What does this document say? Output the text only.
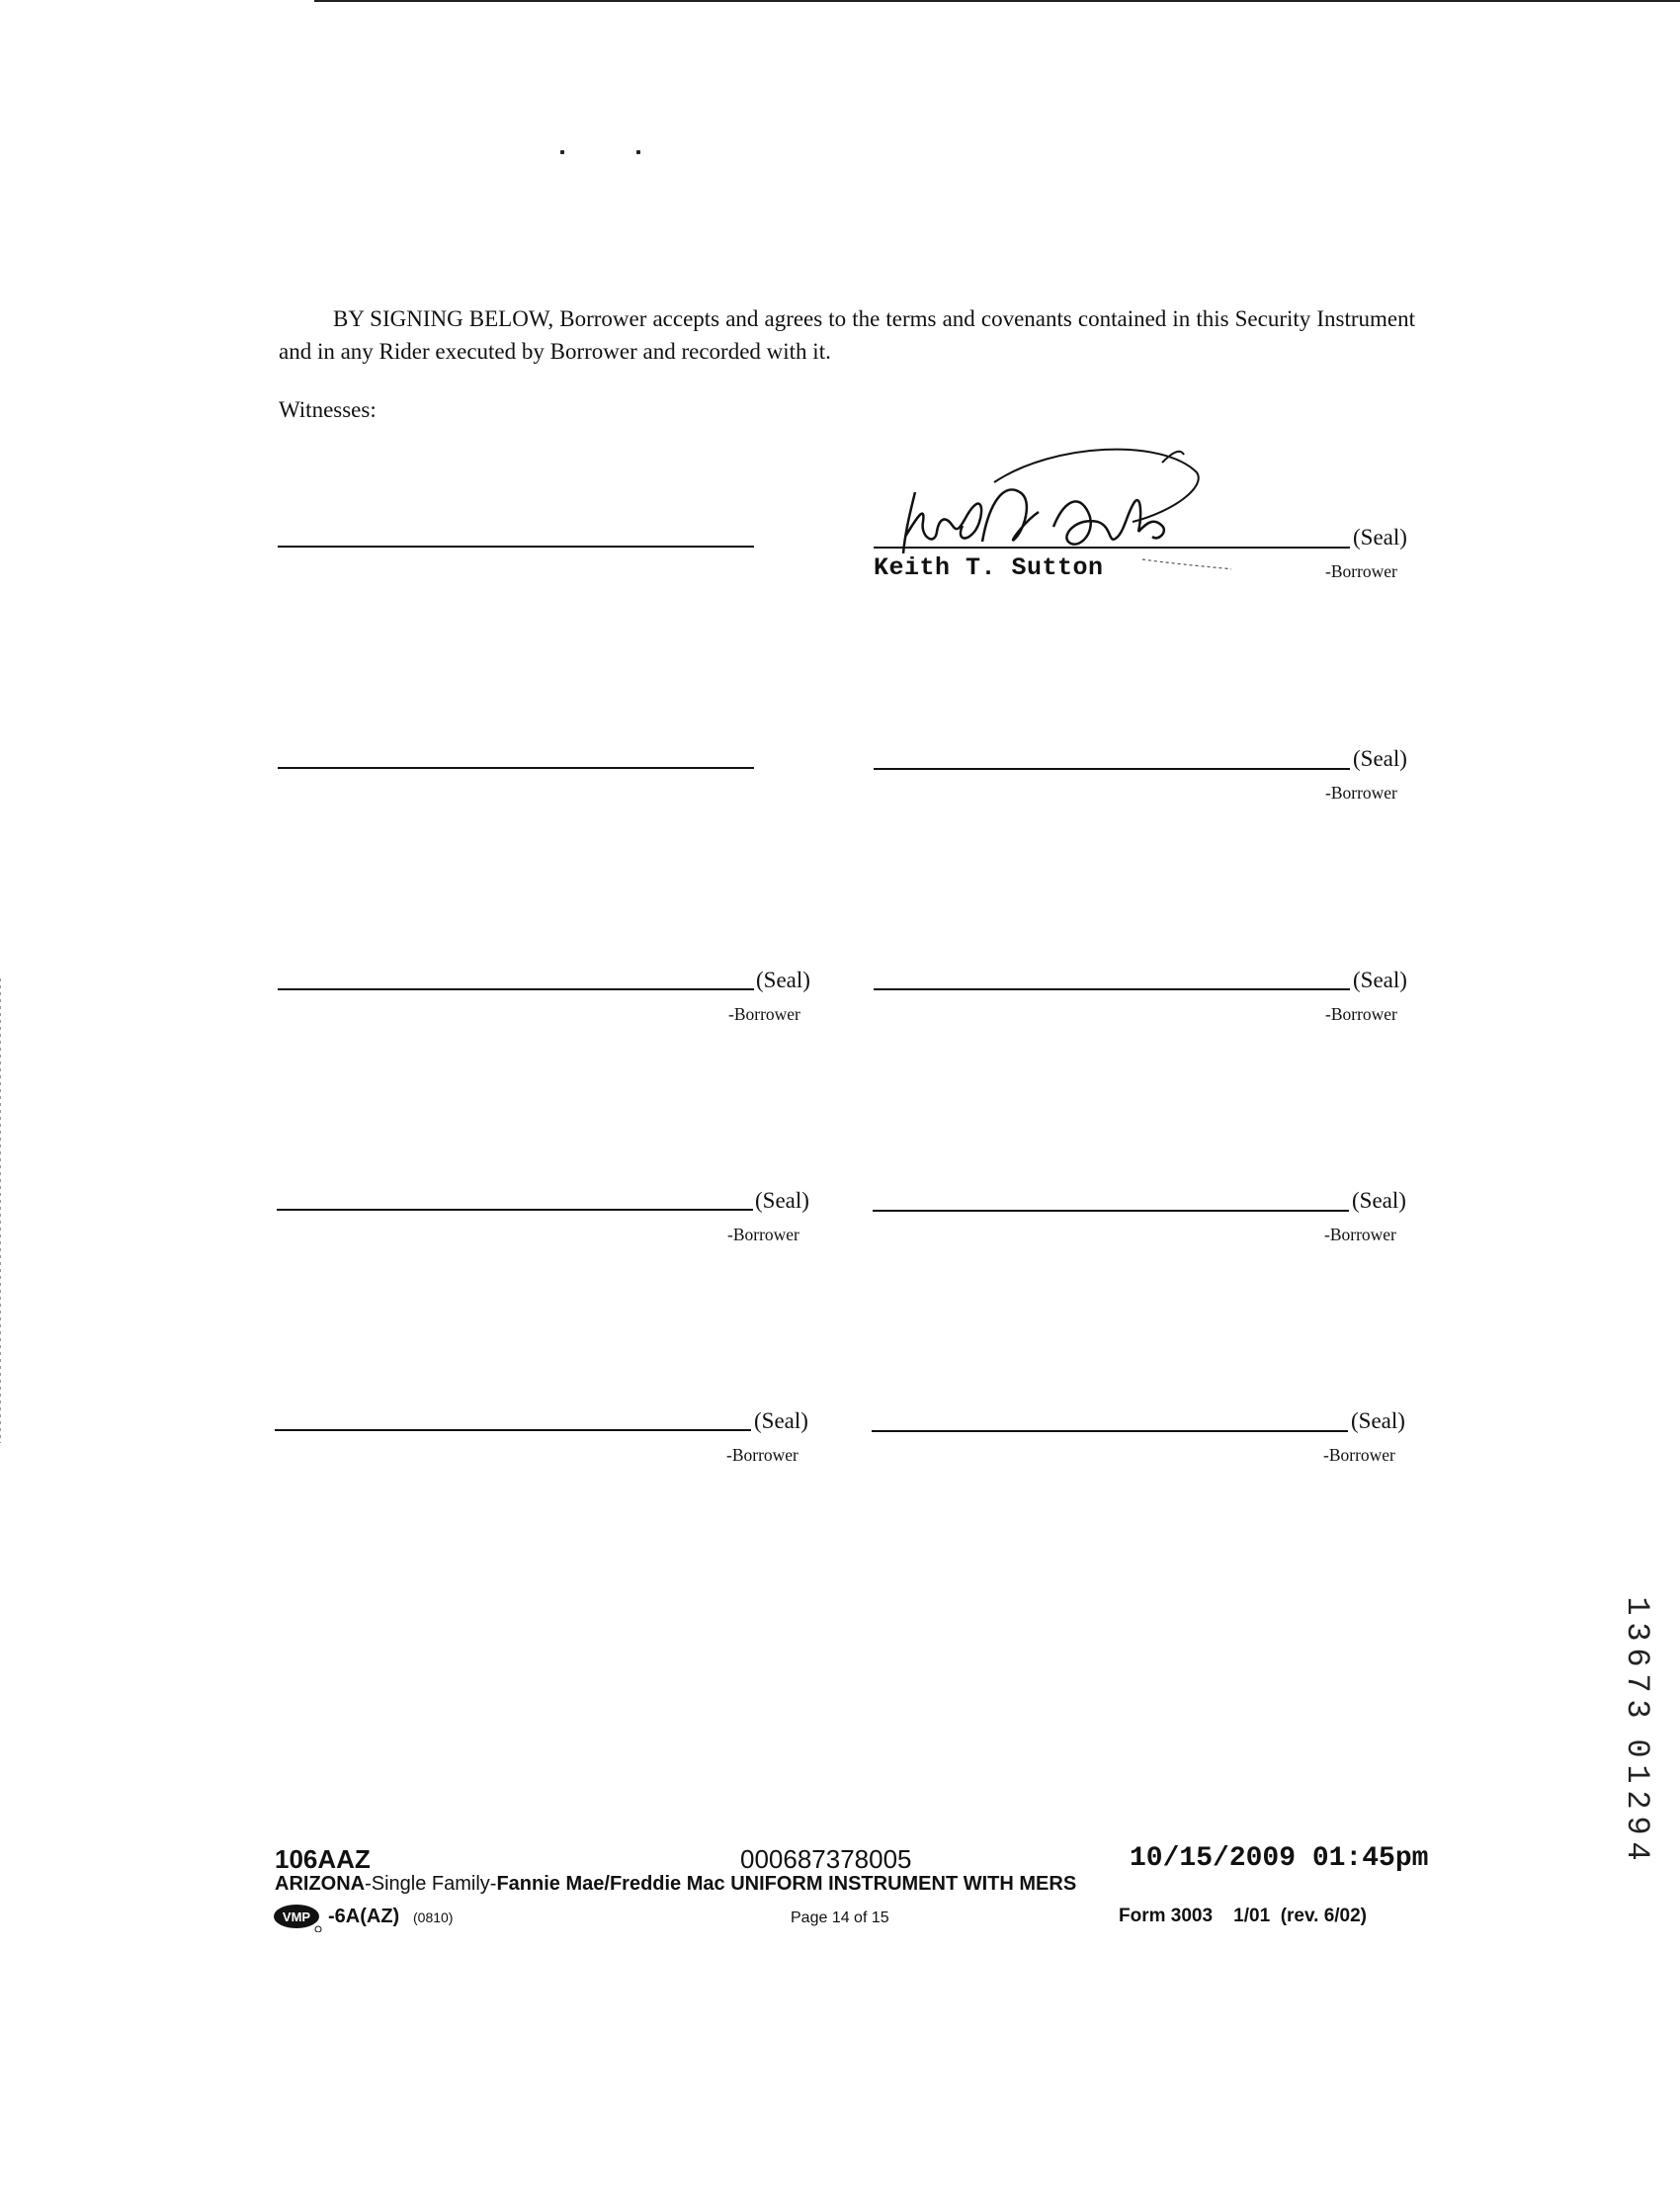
BY SIGNING BELOW, Borrower accepts and agrees to the terms and covenants contained in this Security Instrument and in any Rider executed by Borrower and recorded with it.
Witnesses:
(Seal)
-Borrower
Keith T. Sutton
(Seal)
-Borrower
(Seal)
-Borrower
(Seal)
-Borrower
(Seal)
-Borrower
(Seal)
-Borrower
(Seal)
-Borrower
(Seal)
-Borrower
1
3
6
7
3
0
1
2
9
4
106AAZ	000687378005	10/15/2009 01:45pm
ARIZONA-Single Family-Fannie Mae/Freddie Mac UNIFORM INSTRUMENT WITH MERS
VMP -6A(AZ) (0810)	Page 14 of 15	Form 3003    1/01  (rev. 6/02)
